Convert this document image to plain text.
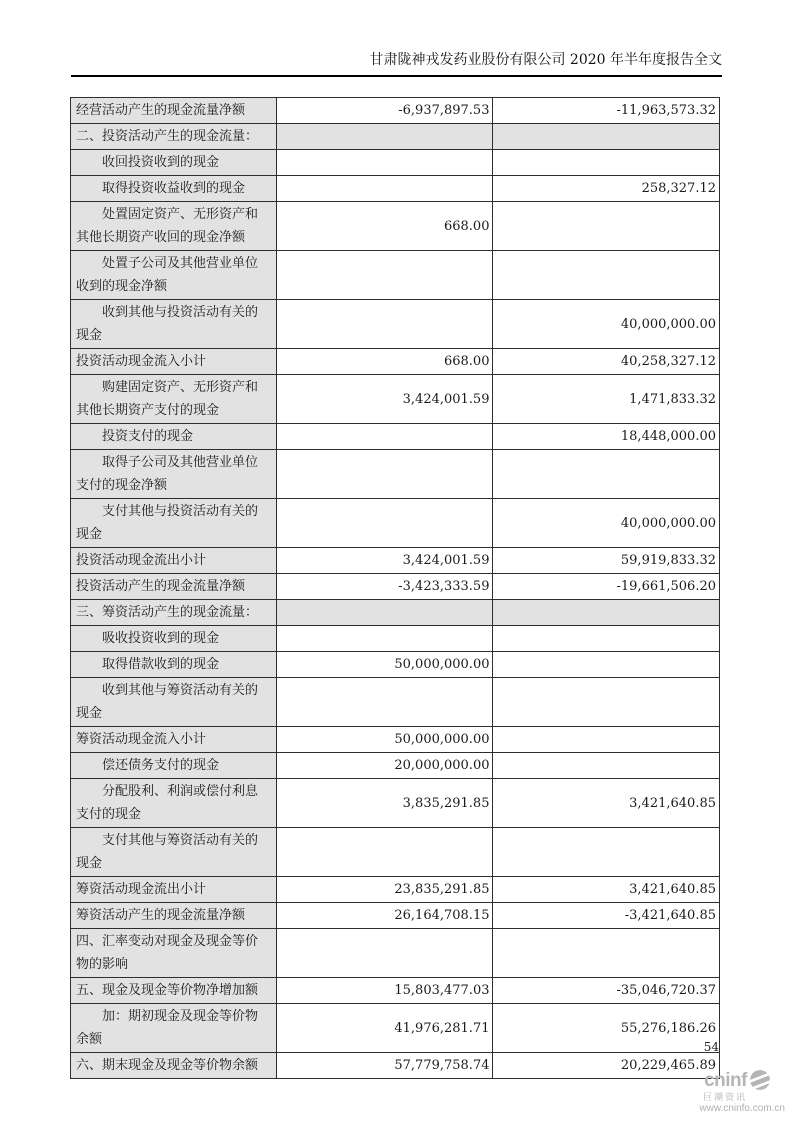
甘肃陇神戎发药业股份有限公司 2020 年半年度报告全文
经营活动产生的现金流量净额	-6,937,897.53	-11,963,573.32
二、投资活动产生的现金流量：		
收回投资收到的现金		
取得投资收益收到的现金		258,327.12
处置固定资产、无形资产和其他长期资产收回的现金净额	668.00	
处置子公司及其他营业单位收到的现金净额		
收到其他与投资活动有关的现金		40,000,000.00
投资活动现金流入小计	668.00	40,258,327.12
购建固定资产、无形资产和其他长期资产支付的现金	3,424,001.59	1,471,833.32
投资支付的现金		18,448,000.00
取得子公司及其他营业单位支付的现金净额		
支付其他与投资活动有关的现金		40,000,000.00
投资活动现金流出小计	3,424,001.59	59,919,833.32
投资活动产生的现金流量净额	-3,423,333.59	-19,661,506.20
三、筹资活动产生的现金流量：		
吸收投资收到的现金		
取得借款收到的现金	50,000,000.00	
收到其他与筹资活动有关的现金		
筹资活动现金流入小计	50,000,000.00	
偿还债务支付的现金	20,000,000.00	
分配股利、利润或偿付利息支付的现金	3,835,291.85	3,421,640.85
支付其他与筹资活动有关的现金		
筹资活动现金流出小计	23,835,291.85	3,421,640.85
筹资活动产生的现金流量净额	26,164,708.15	-3,421,640.85
四、汇率变动对现金及现金等价物的影响		
五、现金及现金等价物净增加额	15,803,477.03	-35,046,720.37
加：期初现金及现金等价物余额	41,976,281.71	55,276,186.26
六、期末现金及现金等价物余额	57,779,758.74	20,229,465.89
54
cninf
巨潮资讯
www.cninfo.com.cn
